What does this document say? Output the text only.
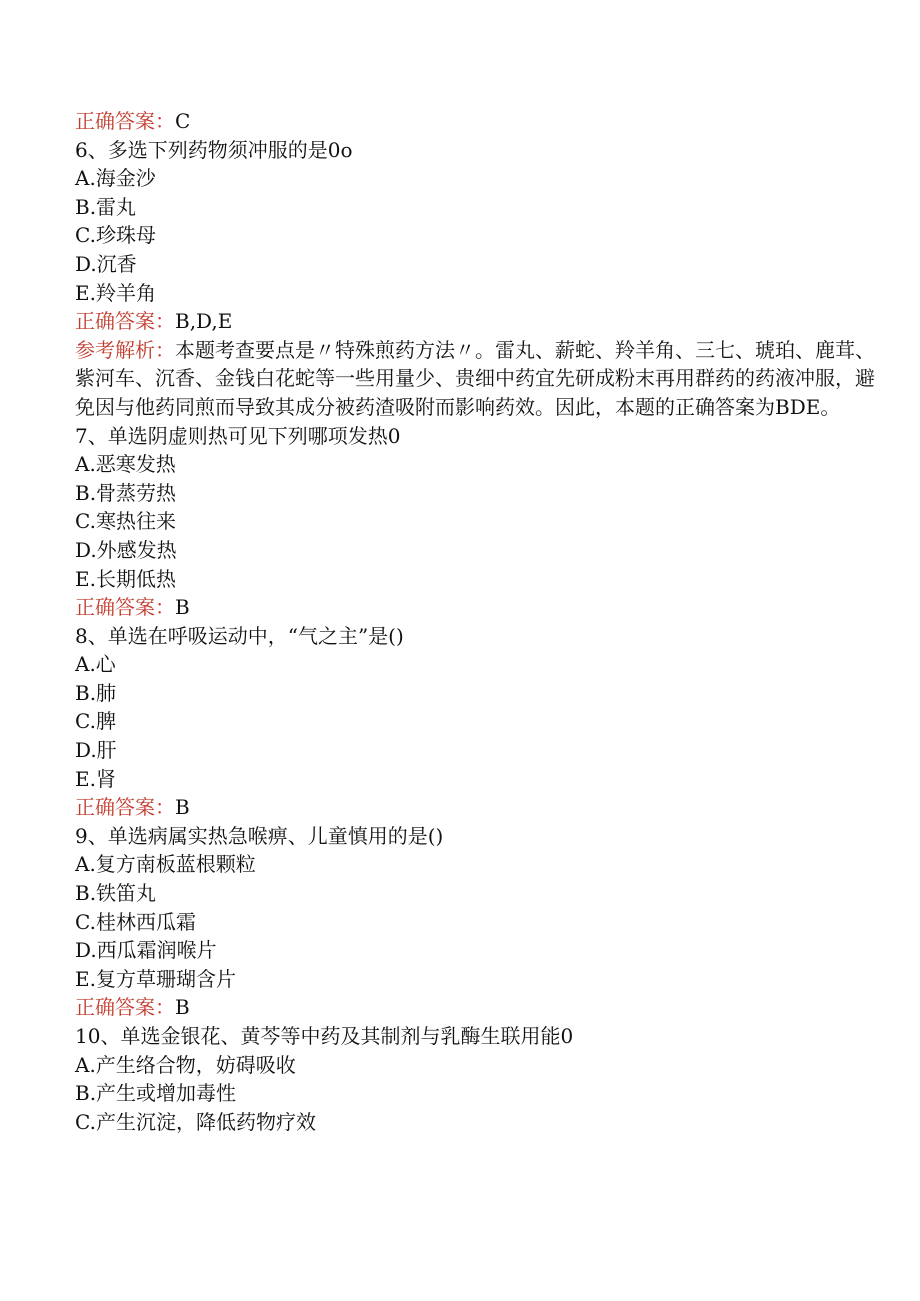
正确答案：C
6、多选下列药物须冲服的是0o
A.海金沙
B.雷丸
C.珍珠母
D.沉香
E.羚羊角
正确答案：B,D,E
参考解析：本题考查要点是〃特殊煎药方法〃。雷丸、薪蛇、羚羊角、三七、琥珀、鹿茸、紫河车、沉香、金钱白花蛇等一些用量少、贵细中药宜先研成粉末再用群药的药液冲服，避免因与他药同煎而导致其成分被药渣吸附而影响药效。因此，本题的正确答案为BDE。
7、单选阴虚则热可见下列哪项发热0
A.恶寒发热
B.骨蒸劳热
C.寒热往来
D.外感发热
E.长期低热
正确答案：B
8、单选在呼吸运动中，“气之主”是()
A.心
B.肺
C.脾
D.肝
E.肾
正确答案：B
9、单选病属实热急喉痹、儿童慎用的是()
A.复方南板蓝根颗粒
B.铁笛丸
C.桂林西瓜霜
D.西瓜霜润喉片
E.复方草珊瑚含片
正确答案：B
10、单选金银花、黄芩等中药及其制剂与乳酶生联用能0
A.产生络合物，妨碍吸收
B.产生或增加毒性
C.产生沉淀，降低药物疗效
